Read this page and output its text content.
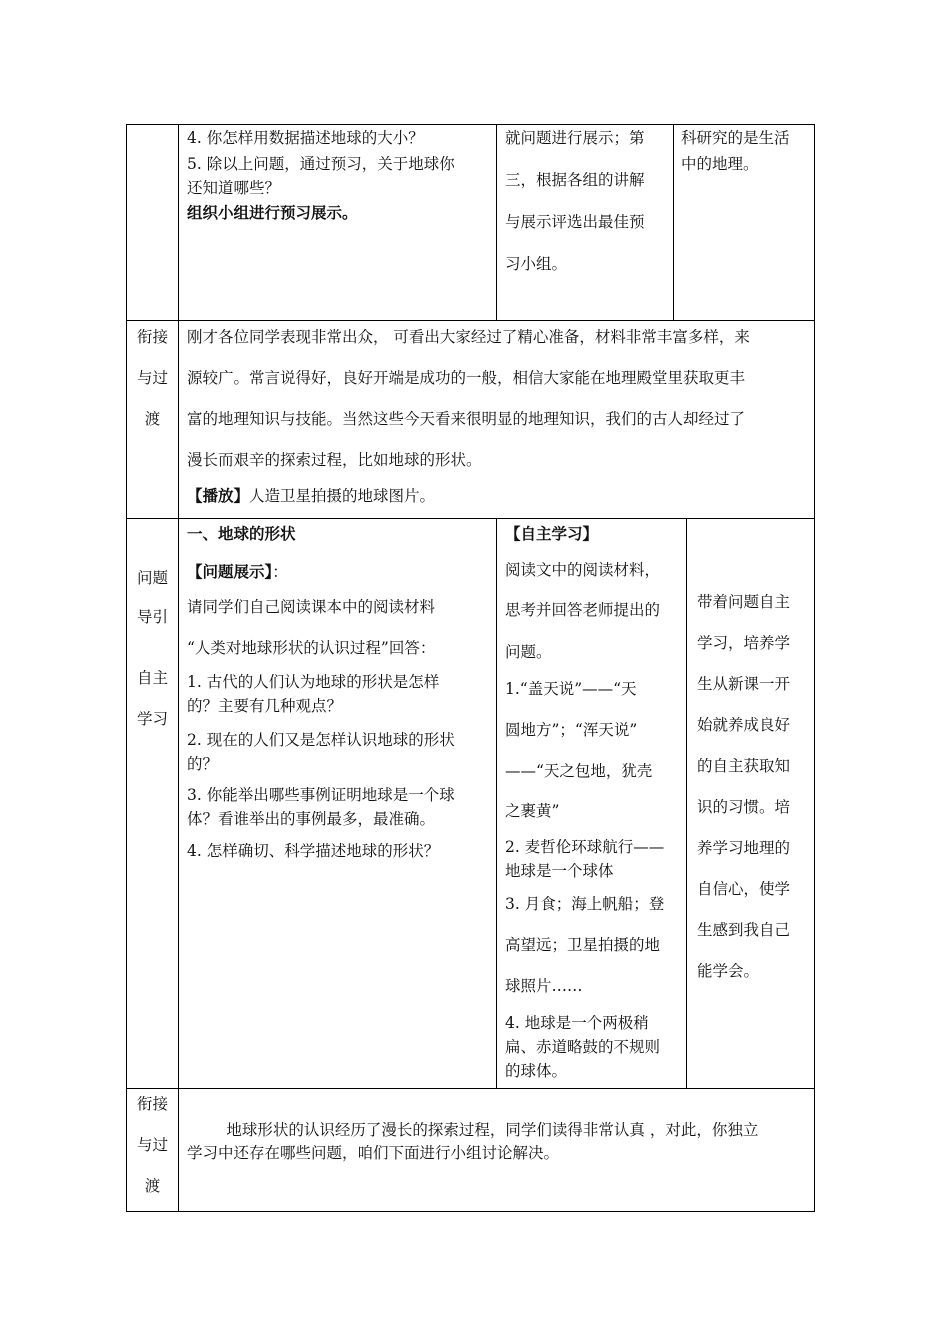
4. 你怎样用数据描述地球的大小？
5. 除以上问题，通过预习，关于地球你
还知道哪些？
组织小组进行预习展示。
就问题进行展示；第
三，根据各组的讲解
与展示评选出最佳预
习小组。
科研究的是生活
中的地理。
衔接
与过
渡
刚才各位同学表现非常出众， 可看出大家经过了精心准备，材料非常丰富多样，来
源较广。常言说得好，良好开端是成功的一般，相信大家能在地理殿堂里获取更丰
富的地理知识与技能。当然这些今天看来很明显的地理知识，我们的古人却经过了
漫长而艰辛的探索过程，比如地球的形状。
【播放】人造卫星拍摄的地球图片。
问题
导引
自主
学习
一、地球的形状
【问题展示】：
请同学们自己阅读课本中的阅读材料
“人类对地球形状的认识过程”回答：
1. 古代的人们认为地球的形状是怎样
的？主要有几种观点？
2. 现在的人们又是怎样认识地球的形状
的？
3. 你能举出哪些事例证明地球是一个球
体？看谁举出的事例最多，最准确。
4. 怎样确切、科学描述地球的形状？
【自主学习】
阅读文中的阅读材料，
思考并回答老师提出的
问题。
1.“盖天说”——“天
圆地方”；“浑天说”
——“天之包地，犹壳
之裹黄”
2. 麦哲伦环球航行——
地球是一个球体
3. 月食；海上帆船；登
高望远；卫星拍摄的地
球照片……
4. 地球是一个两极稍
扁、赤道略鼓的不规则
的球体。
带着问题自主
学习，培养学
生从新课一开
始就养成良好
的自主获取知
识的习惯。培
养学习地理的
自信心，使学
生感到我自己
能学会。
衔接
与过
渡
地球形状的认识经历了漫长的探索过程，同学们读得非常认真 ，对此，你独立
学习中还存在哪些问题，咱们下面进行小组讨论解决。
